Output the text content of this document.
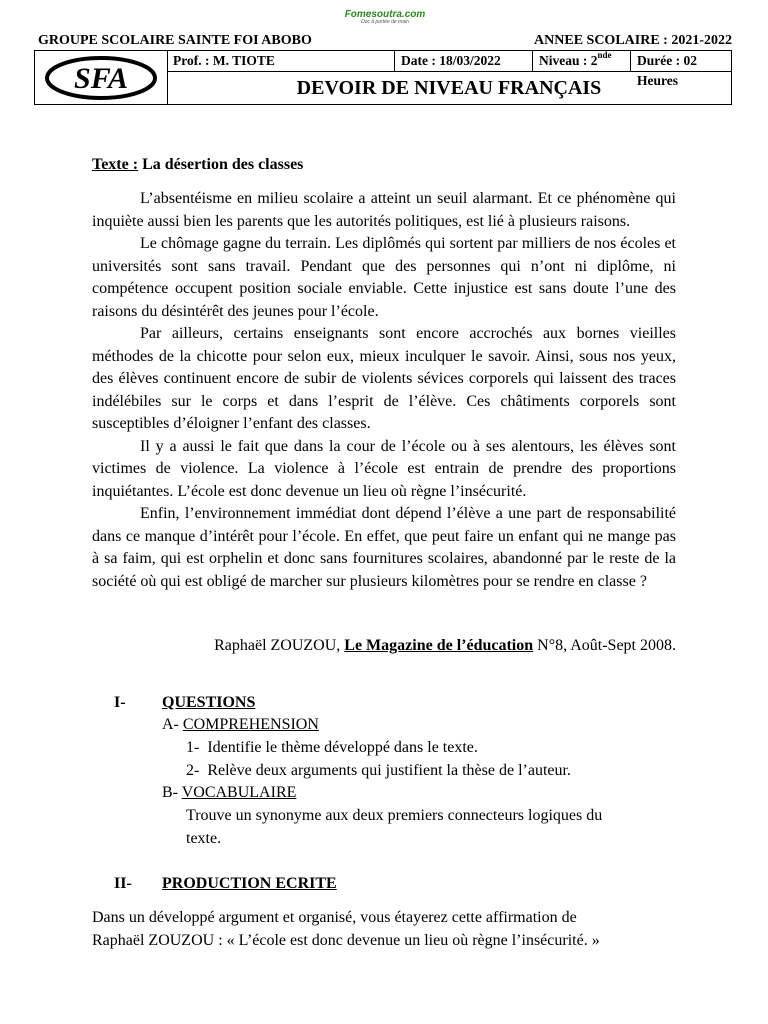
Fomesoutra.com
Doc à portée de main
GROUPE SCOLAIRE SAINTE FOI ABOBO	ANNEE SCOLAIRE : 2021-2022
SFA
Prof. : M. TIOTE	Date : 18/03/2022	Niveau : 2nde	Durée : 02 Heures
DEVOIR DE NIVEAU FRANÇAIS
Texte : La désertion des classes

L’absentéisme en milieu scolaire a atteint un seuil alarmant. Et ce phénomène qui inquiète aussi bien les parents que les autorités politiques, est lié à plusieurs raisons.

Le chômage gagne du terrain. Les diplômés qui sortent par milliers de nos écoles et universités sont sans travail. Pendant que des personnes qui n’ont ni diplôme, ni compétence occupent position sociale enviable. Cette injustice est sans doute l’une des raisons du désintérêt des jeunes pour l’école.

Par ailleurs, certains enseignants sont encore accrochés aux bornes vieilles méthodes de la chicotte pour selon eux, mieux inculquer le savoir. Ainsi, sous nos yeux, des élèves continuent encore de subir de violents sévices corporels qui laissent des traces indélébiles sur le corps et dans l’esprit de l’élève. Ces châtiments corporels sont susceptibles d’éloigner l’enfant des classes.

Il y a aussi le fait que dans la cour de l’école ou à ses alentours, les élèves sont victimes de violence. La violence à l’école est entrain de prendre des proportions inquiétantes. L’école est donc devenue un lieu où règne l’insécurité.

Enfin, l’environnement immédiat dont dépend l’élève a une part de responsabilité dans ce manque d’intérêt pour l’école. En effet, que peut faire un enfant qui ne mange pas à sa faim, qui est orphelin et donc sans fournitures scolaires, abandonné par le reste de la société où qui est obligé de marcher sur plusieurs kilomètres pour se rendre en classe ?

Raphaël ZOUZOU, Le Magazine de l’éducation N°8, Août-Sept 2008.
I- QUESTIONS
A- COMPREHENSION
1- Identifie le thème développé dans le texte.
2- Relève deux arguments qui justifient la thèse de l’auteur.
B- VOCABULAIRE
Trouve un synonyme aux deux premiers connecteurs logiques du
texte.
II- PRODUCTION ECRITE
Dans un développé argument et organisé, vous étayerez cette affirmation de
Raphaël ZOUZOU : « L’école est donc devenue un lieu où règne l’insécurité. »
